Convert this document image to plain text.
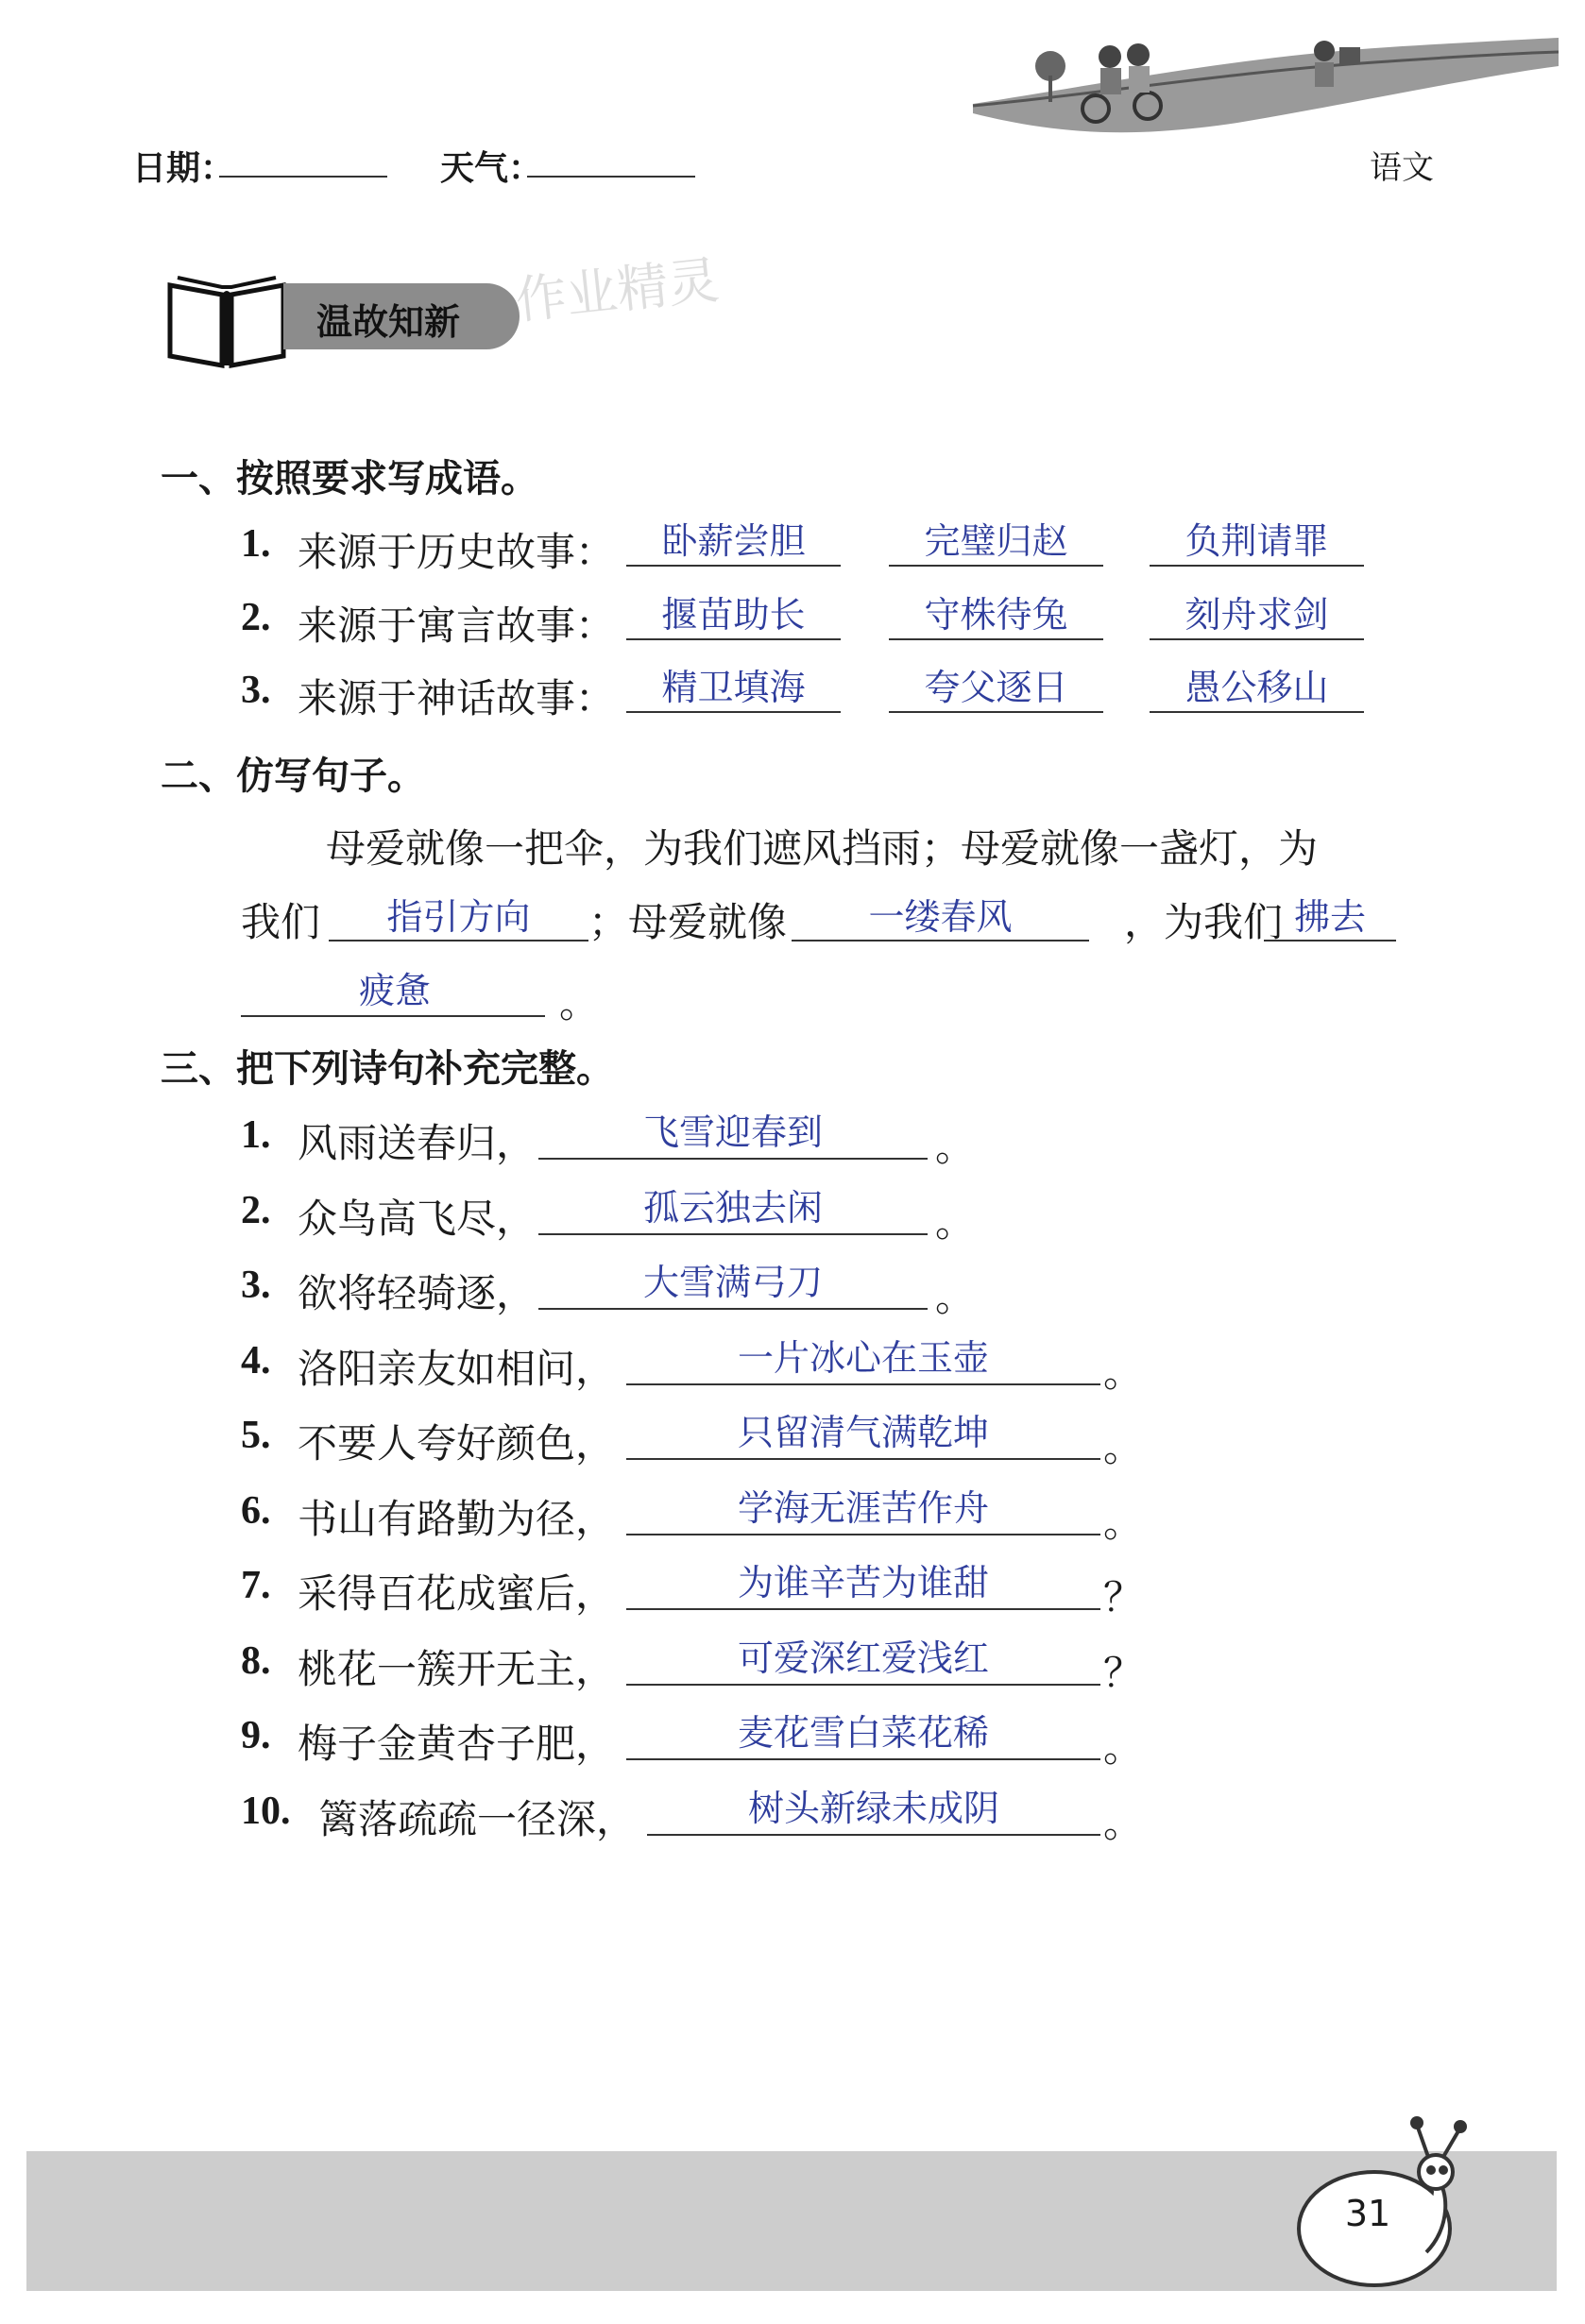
日期：	天气：	语文
温故知新 作业精灵
一、按照要求写成语。
1. 来源于历史故事：	卧薪尝胆	完璧归赵	负荆请罪
2. 来源于寓言故事：	揠苗助长	守株待兔	刻舟求剑
3. 来源于神话故事：	精卫填海	夸父逐日	愚公移山
二、仿写句子。
母爱就像一把伞，为我们遮风挡雨；母爱就像一盏灯，为
我们	指引方向	；母爱就像	一缕春风	，为我们 拂去
疲惫	。
三、把下列诗句补充完整。
1. 风雨送春归，	飞雪迎春到	。
2. 众鸟高飞尽，	孤云独去闲	。
3. 欲将轻骑逐，	大雪满弓刀	。
4. 洛阳亲友如相问，	一片冰心在玉壶	。
5. 不要人夸好颜色，	只留清气满乾坤	。
6. 书山有路勤为径，	学海无涯苦作舟	。
7. 采得百花成蜜后，	为谁辛苦为谁甜	？
8. 桃花一簇开无主，	可爱深红爱浅红	？
9. 梅子金黄杏子肥，	麦花雪白菜花稀	。
10. 篱落疏疏一径深，	树头新绿未成阴	。
31
